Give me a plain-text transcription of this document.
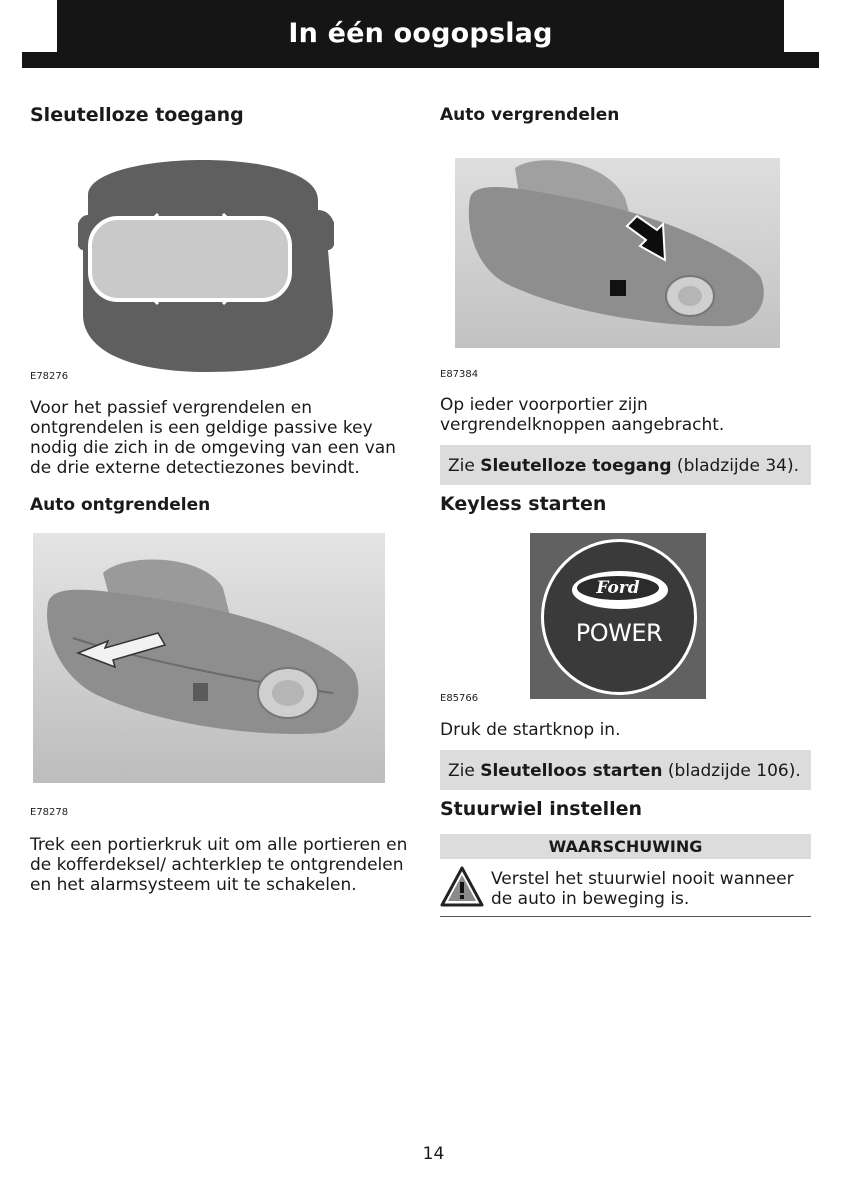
In één oogopslag
Sleutelloze toegang
E78276
Voor het passief vergrendelen en ontgrendelen is een geldige passive key nodig die zich in de omgeving van een van de drie externe detectiezones bevindt.
Auto ontgrendelen
E78278
Trek een portierkruk uit om alle portieren en de kofferdeksel/ achterklep te ontgrendelen en het alarmsysteem uit te schakelen.
Auto vergrendelen
E87384
Op ieder voorportier zijn vergrendelknoppen aangebracht.
Zie Sleutelloze toegang (bladzijde 34).
Keyless starten
Ford
POWER
E85766
Druk de startknop in.
Zie Sleutelloos starten (bladzijde 106).
Stuurwiel instellen
WAARSCHUWING
Verstel het stuurwiel nooit wanneer de auto in beweging is.
14
